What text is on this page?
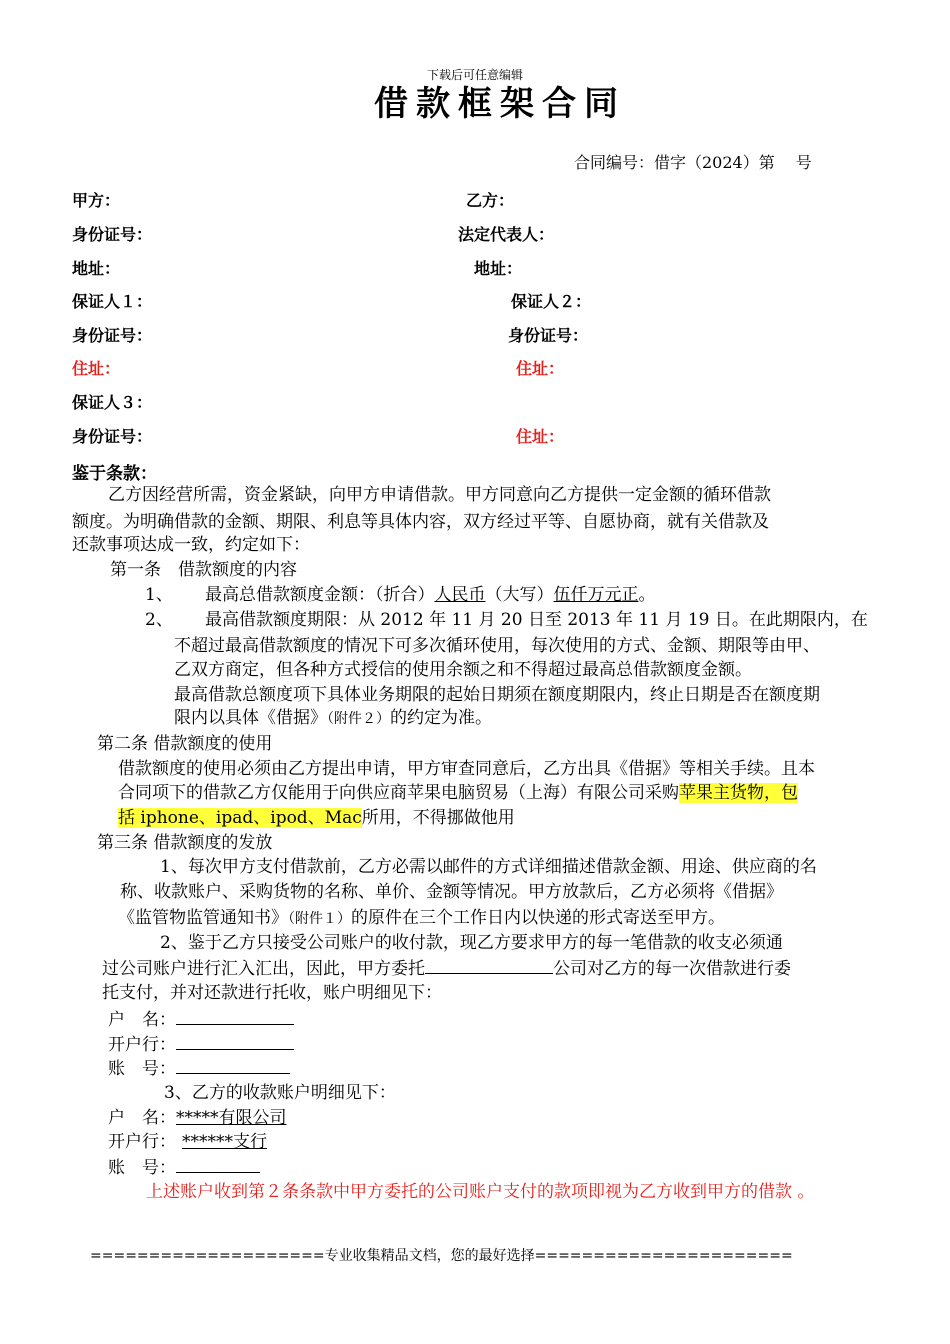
下载后可任意编辑
借款框架合同
合同编号：借字（2024）第　 号
甲方：	乙方：
身份证号：	法定代表人：
地址：	地址：
保证人１：	保证人２：
身份证号：	身份证号：
住址：	住址：
保证人３：
身份证号：	住址：
鉴于条款：
乙方因经营所需，资金紧缺，向甲方申请借款。甲方同意向乙方提供一定金额的循环借款
额度。为明确借款的金额、期限、利息等具体内容，双方经过平等、自愿协商，就有关借款及
还款事项达成一致，约定如下：
第一条　借款额度的内容
1、 最高总借款额度金额：（折合）人民币（大写）伍仟万元正。
2、 最高借款额度期限：从 2012 年 11 月 20 日至 2013 年 11 月 19 日。在此期限内，在
不超过最高借款额度的情况下可多次循环使用，每次使用的方式、金额、期限等由甲、
乙双方商定，但各种方式授信的使用余额之和不得超过最高总借款额度金额。
最高借款总额度项下具体业务期限的起始日期须在额度期限内，终止日期是否在额度期
限内以具体《借据》（附件２）的约定为准。
第二条 借款额度的使用
借款额度的使用必须由乙方提出申请，甲方审查同意后，乙方出具《借据》等相关手续。且本
合同项下的借款乙方仅能用于向供应商苹果电脑贸易（上海）有限公司采购苹果主货物，包
括 iphone、ipad、ipod、Mac所用，不得挪做他用
第三条 借款额度的发放
1、每次甲方支付借款前，乙方必需以邮件的方式详细描述借款金额、用途、供应商的名
称、收款账户、采购货物的名称、单价、金额等情况。甲方放款后，乙方必须将《借据》
《监管物监管通知书》（附件１）的原件在三个工作日内以快递的形式寄送至甲方。
2、鉴于乙方只接受公司账户的收付款，现乙方要求甲方的每一笔借款的收支必须通
过公司账户进行汇入汇出，因此，甲方委托	公司对乙方的每一次借款进行委
托支付，并对还款进行托收，账户明细见下：
户　名：
开户行：
账　号：
3、乙方的收款账户明细见下：
户　名：*****有限公司
开户行： ******支行
账　号：
上述账户收到第２条条款中甲方委托的公司账户支付的款项即视为乙方收到甲方的借款 。
====================专业收集精品文档，您的最好选择======================
